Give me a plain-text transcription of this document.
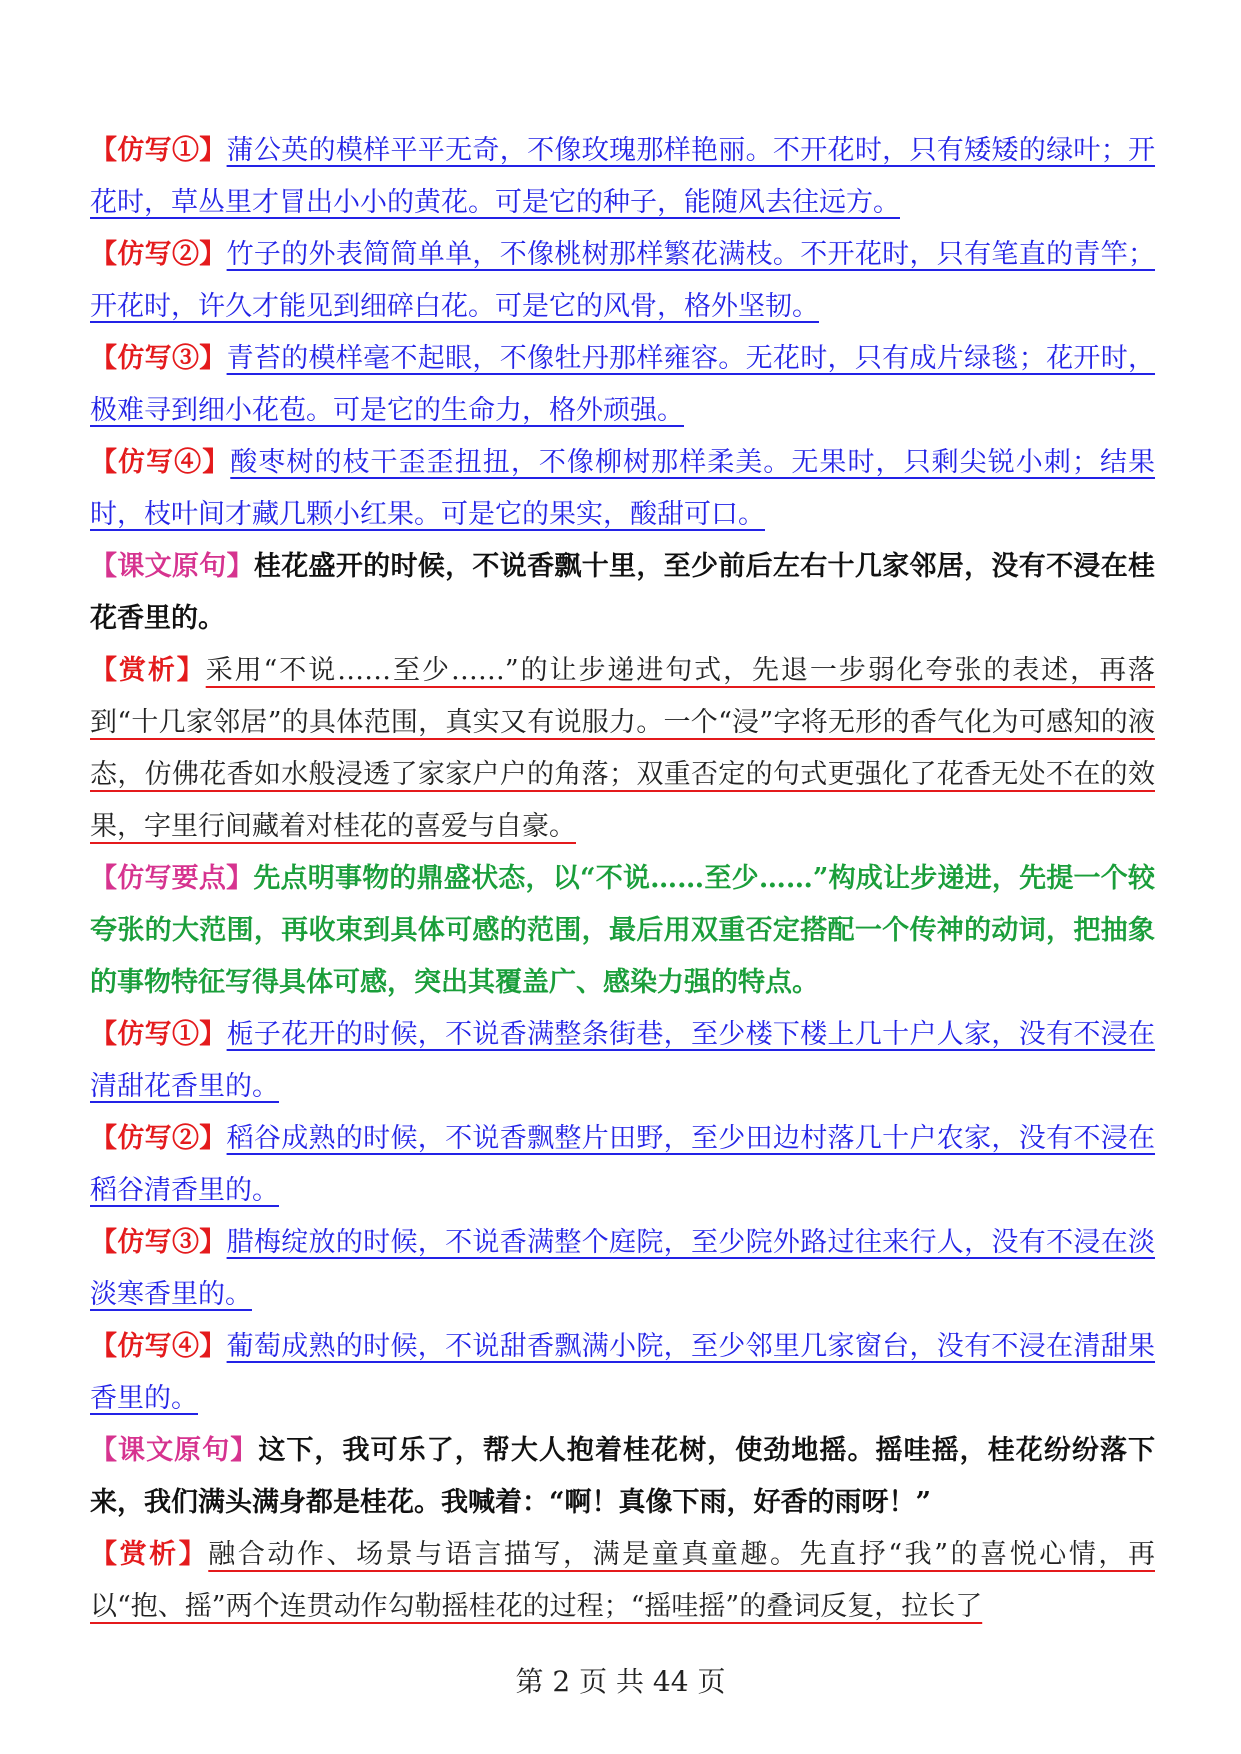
【仿写①】蒲公英的模样平平无奇，不像玫瑰那样艳丽。不开花时，只有矮矮的绿叶；开花时，草丛里才冒出小小的黄花。可是它的种子，能随风去往远方。

【仿写②】竹子的外表简简单单，不像桃树那样繁花满枝。不开花时，只有笔直的青竿；开花时，许久才能见到细碎白花。可是它的风骨，格外坚韧。

【仿写③】青苔的模样毫不起眼，不像牡丹那样雍容。无花时，只有成片绿毯；花开时，极难寻到细小花苞。可是它的生命力，格外顽强。

【仿写④】酸枣树的枝干歪歪扭扭，不像柳树那样柔美。无果时，只剩尖锐小刺；结果时，枝叶间才藏几颗小红果。可是它的果实，酸甜可口。

【课文原句】桂花盛开的时候，不说香飘十里，至少前后左右十几家邻居，没有不浸在桂花香里的。

【赏析】采用“不说……至少……”的让步递进句式，先退一步弱化夸张的表述，再落到“十几家邻居”的具体范围，真实又有说服力。一个“浸”字将无形的香气化为可感知的液态，仿佛花香如水般浸透了家家户户的角落；双重否定的句式更强化了花香无处不在的效果，字里行间藏着对桂花的喜爱与自豪。

【仿写要点】先点明事物的鼎盛状态，以“不说……至少……”构成让步递进，先提一个较夸张的大范围，再收束到具体可感的范围，最后用双重否定搭配一个传神的动词，把抽象的事物特征写得具体可感，突出其覆盖广、感染力强的特点。

【仿写①】栀子花开的时候，不说香满整条街巷，至少楼下楼上几十户人家，没有不浸在清甜花香里的。

【仿写②】稻谷成熟的时候，不说香飘整片田野，至少田边村落几十户农家，没有不浸在稻谷清香里的。

【仿写③】腊梅绽放的时候，不说香满整个庭院，至少院外路过往来行人，没有不浸在淡淡寒香里的。

【仿写④】葡萄成熟的时候，不说甜香飘满小院，至少邻里几家窗台，没有不浸在清甜果香里的。

【课文原句】这下，我可乐了，帮大人抱着桂花树，使劲地摇。摇哇摇，桂花纷纷落下来，我们满头满身都是桂花。我喊着：“啊！真像下雨，好香的雨呀！”

【赏析】融合动作、场景与语言描写，满是童真童趣。先直抒“我”的喜悦心情，再以“抱、摇”两个连贯动作勾勒摇桂花的过程；“摇哇摇”的叠词反复，拉长了

第 2 页 共 44 页
